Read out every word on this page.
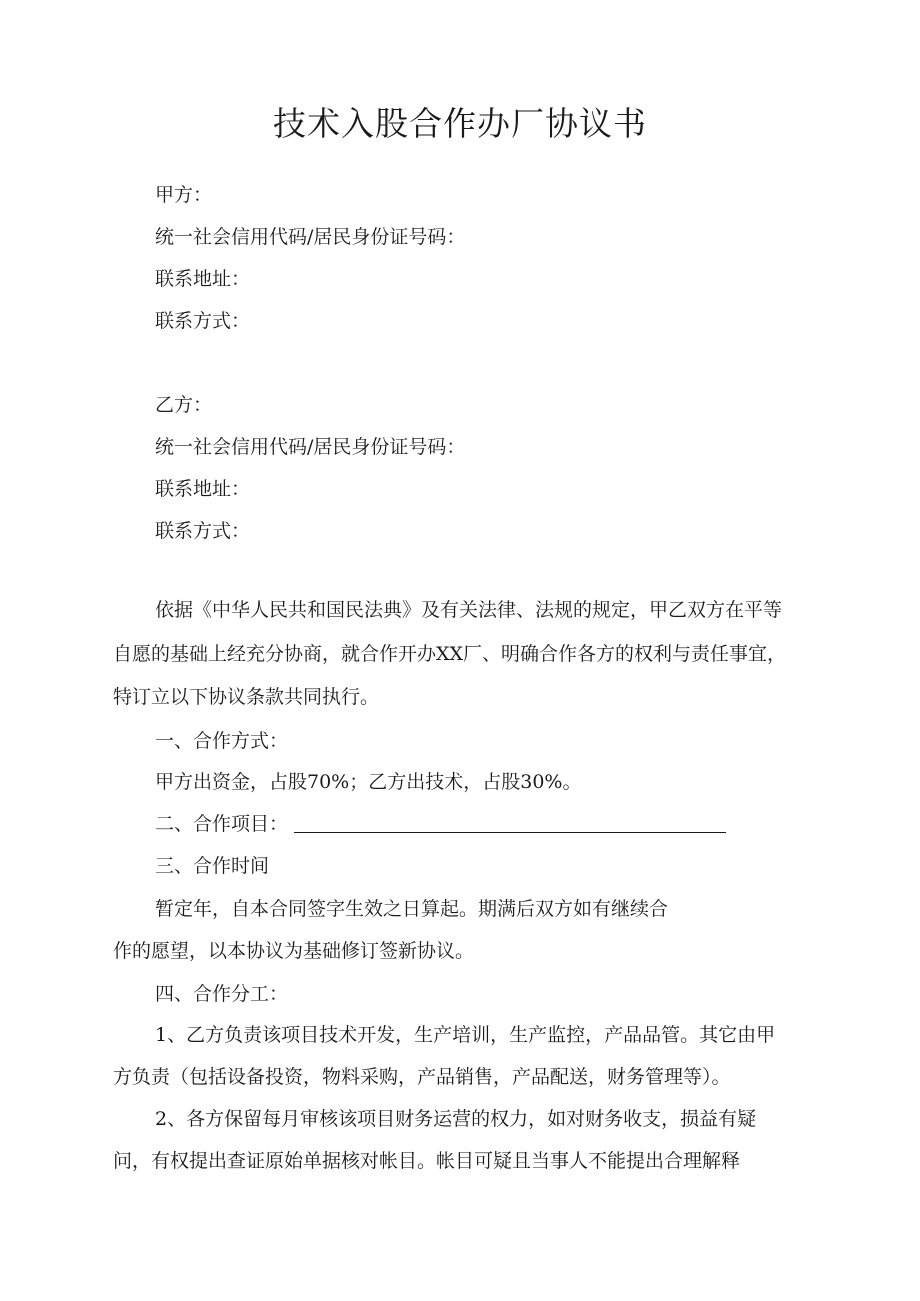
技术入股合作办厂协议书

甲方：

统一社会信用代码/居民身份证号码：

联系地址：

联系方式：

乙方：

统一社会信用代码/居民身份证号码：

联系地址：

联系方式：

依据《中华人民共和国民法典》及有关法律、法规的规定，甲乙双方在平等

自愿的基础上经充分协商，就合作开办XX厂、明确合作各方的权利与责任事宜，

特订立以下协议条款共同执行。

一、合作方式：

甲方出资金，占股70%；乙方出技术，占股30%。

二、合作项目：

三、合作时间

暂定年，自本合同签字生效之日算起。期满后双方如有继续合

作的愿望，以本协议为基础修订签新协议。

四、合作分工：

1、乙方负责该项目技术开发，生产培训，生产监控，产品品管。其它由甲

方负责（包括设备投资，物料采购，产品销售，产品配送，财务管理等）。

2、各方保留每月审核该项目财务运营的权力，如对财务收支，损益有疑

问，有权提出查证原始单据核对帐目。帐目可疑且当事人不能提出合理解释
